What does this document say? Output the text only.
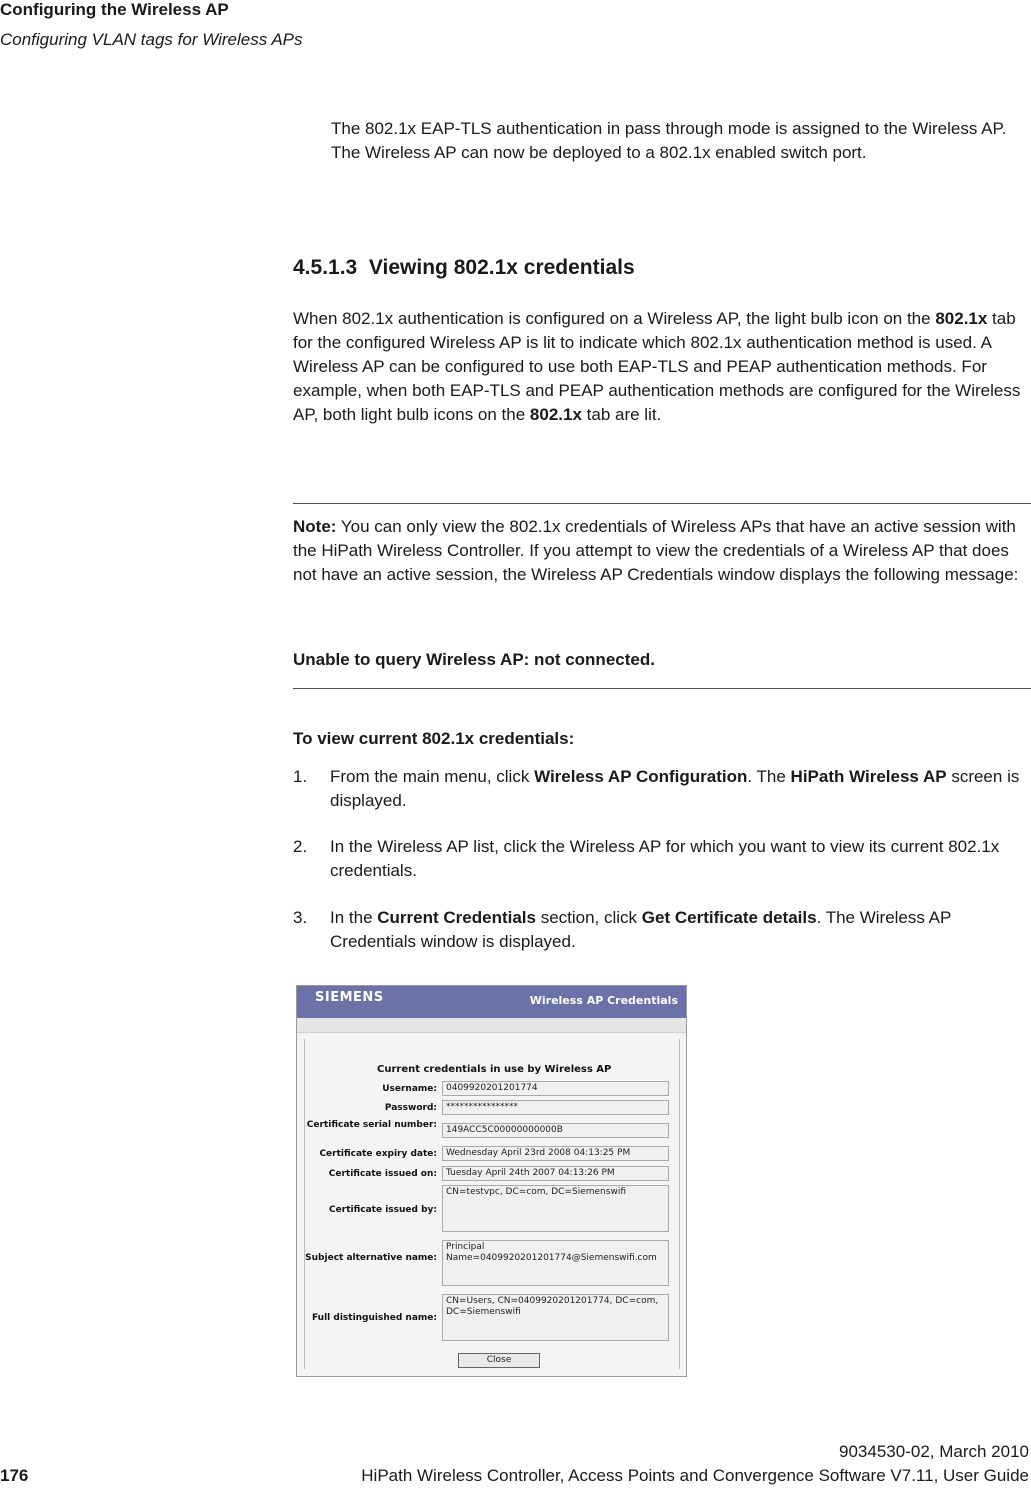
Configuring the Wireless AP
Configuring VLAN tags for Wireless APs
The 802.1x EAP-TLS authentication in pass through mode is assigned to the Wireless AP. The Wireless AP can now be deployed to a 802.1x enabled switch port.
4.5.1.3 Viewing 802.1x credentials
When 802.1x authentication is configured on a Wireless AP, the light bulb icon on the 802.1x tab for the configured Wireless AP is lit to indicate which 802.1x authentication method is used. A Wireless AP can be configured to use both EAP-TLS and PEAP authentication methods. For example, when both EAP-TLS and PEAP authentication methods are configured for the Wireless AP, both light bulb icons on the 802.1x tab are lit.
Note: You can only view the 802.1x credentials of Wireless APs that have an active session with the HiPath Wireless Controller. If you attempt to view the credentials of a Wireless AP that does not have an active session, the Wireless AP Credentials window displays the following message:
Unable to query Wireless AP: not connected.
To view current 802.1x credentials:
1. From the main menu, click Wireless AP Configuration. The HiPath Wireless AP screen is displayed.
2. In the Wireless AP list, click the Wireless AP for which you want to view its current 802.1x credentials.
3. In the Current Credentials section, click Get Certificate details. The Wireless AP Credentials window is displayed.
SIEMENS	Wireless AP Credentials
Current credentials in use by Wireless AP
Username:	0409920201201774
Password:	****************
Certificate serial number:	149ACC5C00000000000B
Certificate expiry date:	Wednesday April 23rd 2008 04:13:25 PM
Certificate issued on:	Tuesday April 24th 2007 04:13:26 PM
Certificate issued by:
CN=testvpc, DC=com, DC=Siemenswifi
Subject alternative name:
Principal Name=0409920201201774@Siemenswifi.com
Full distinguished name:
CN=Users, CN=0409920201201774, DC=com, DC=Siemenswifi
Close
9034530-02, March 2010
176	HiPath Wireless Controller, Access Points and Convergence Software V7.11, User Guide
